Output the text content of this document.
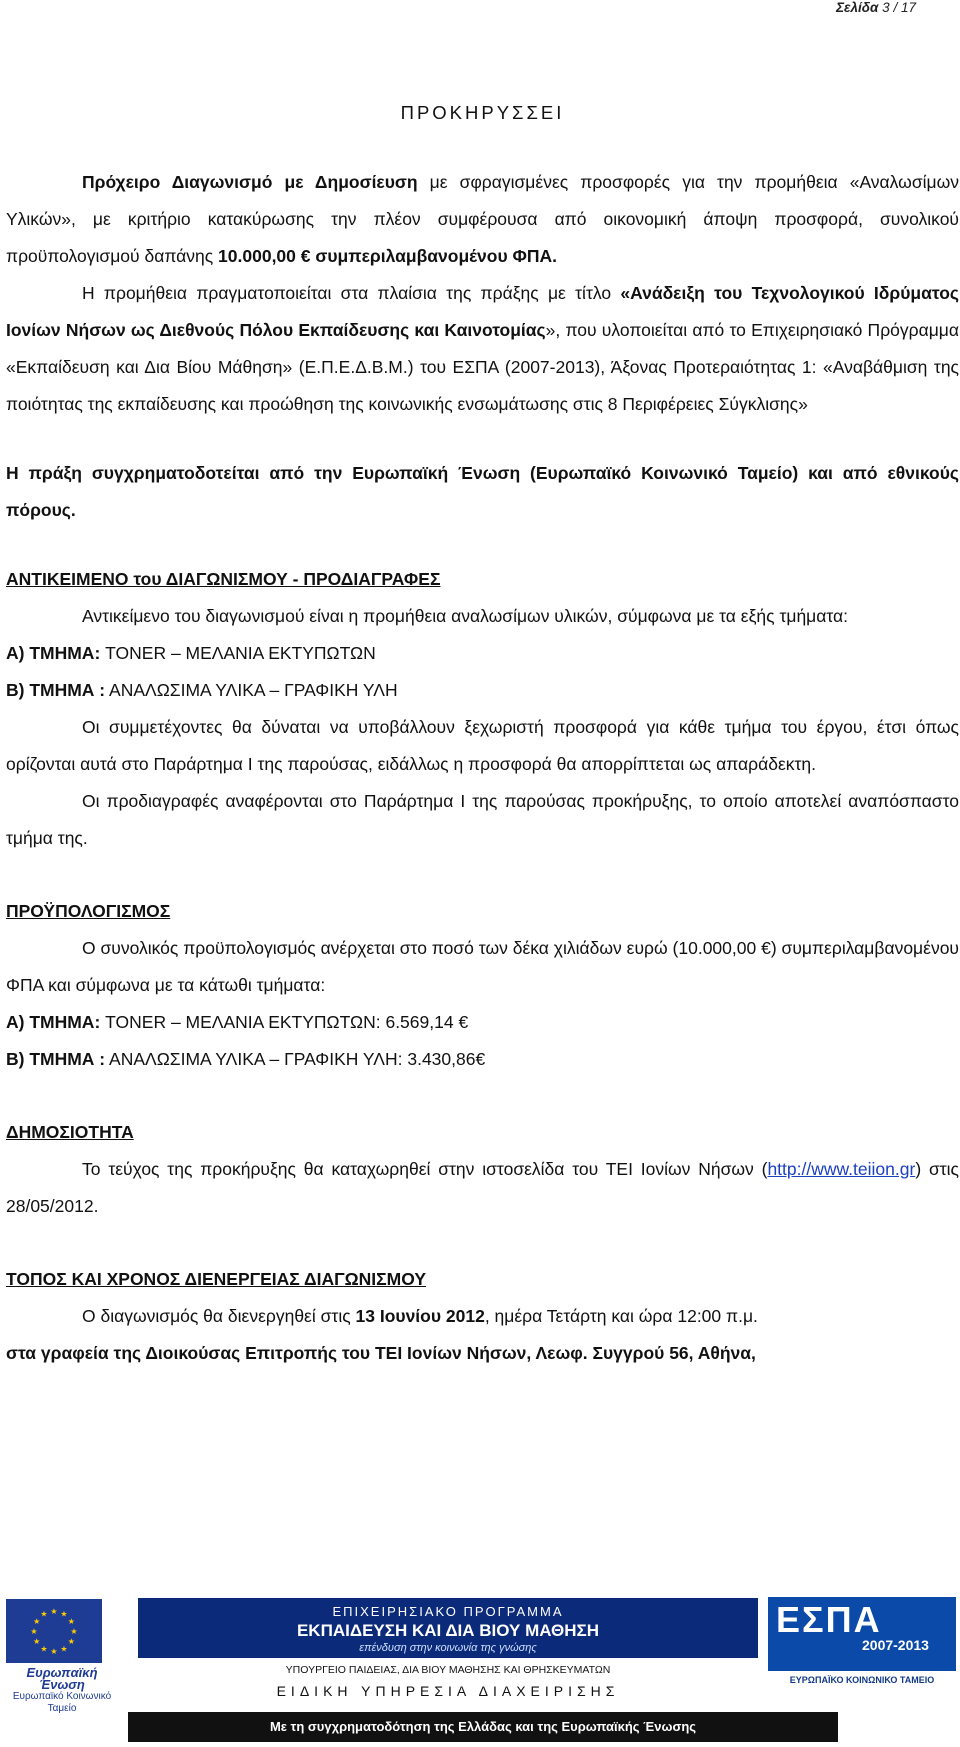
Σελίδα 3 / 17

ΠΡΟΚΗΡΥΣΣΕΙ

Πρόχειρο Διαγωνισμό με Δημοσίευση με σφραγισμένες προσφορές για την προμήθεια «Αναλωσίμων Υλικών», με κριτήριο κατακύρωσης την πλέον συμφέρουσα από οικονομική άποψη προσφορά, συνολικού προϋπολογισμού δαπάνης 10.000,00 € συμπεριλαμβανομένου ΦΠΑ.

Η προμήθεια πραγματοποιείται στα πλαίσια της πράξης με τίτλο «Ανάδειξη του Τεχνολογικού Ιδρύματος Ιονίων Νήσων ως Διεθνούς Πόλου Εκπαίδευσης και Καινοτομίας», που υλοποιείται από το Επιχειρησιακό Πρόγραμμα «Εκπαίδευση και Δια Βίου Μάθηση» (Ε.Π.Ε.Δ.Β.Μ.) του ΕΣΠΑ (2007-2013), Άξονας Προτεραιότητας 1: «Αναβάθμιση της ποιότητας της εκπαίδευσης και προώθηση της κοινωνικής ενσωμάτωσης στις 8 Περιφέρειες Σύγκλισης»

Η πράξη συγχρηματοδοτείται από την Ευρωπαϊκή Ένωση (Ευρωπαϊκό Κοινωνικό Ταμείο) και από εθνικούς πόρους.

ΑΝΤΙΚΕΙΜΕΝΟ του ΔΙΑΓΩΝΙΣΜΟΥ - ΠΡΟΔΙΑΓΡΑΦΕΣ

Αντικείμενο του διαγωνισμού είναι η προμήθεια αναλωσίμων υλικών, σύμφωνα με τα εξής τμήματα:

Α) ΤΜΗΜΑ: TONER – ΜΕΛΑΝΙΑ ΕΚΤΥΠΩΤΩΝ

Β) ΤΜΗΜΑ : ΑΝΑΛΩΣΙΜΑ ΥΛΙΚΑ – ΓΡΑΦΙΚΗ ΥΛΗ

Οι συμμετέχοντες θα δύναται να υποβάλλουν ξεχωριστή προσφορά για κάθε τμήμα του έργου, έτσι όπως ορίζονται αυτά στο Παράρτημα Ι της παρούσας, ειδάλλως η προσφορά θα απορρίπτεται ως απαράδεκτη.

Οι προδιαγραφές αναφέρονται στο Παράρτημα Ι της παρούσας προκήρυξης, το οποίο αποτελεί αναπόσπαστο τμήμα της.

ΠΡΟΫΠΟΛΟΓΙΣΜΟΣ

Ο συνολικός προϋπολογισμός ανέρχεται στο ποσό των δέκα χιλιάδων ευρώ (10.000,00 €) συμπεριλαμβανομένου ΦΠΑ και σύμφωνα με τα κάτωθι τμήματα:

Α) ΤΜΗΜΑ: TONER – ΜΕΛΑΝΙΑ ΕΚΤΥΠΩΤΩΝ: 6.569,14 €

Β) ΤΜΗΜΑ : ΑΝΑΛΩΣΙΜΑ ΥΛΙΚΑ – ΓΡΑΦΙΚΗ ΥΛΗ: 3.430,86€

ΔΗΜΟΣΙΟΤΗΤΑ

Το τεύχος της προκήρυξης θα καταχωρηθεί στην ιστοσελίδα του ΤΕΙ Ιονίων Νήσων (http://www.teiion.gr) στις 28/05/2012.

ΤΟΠΟΣ ΚΑΙ ΧΡΟΝΟΣ ΔΙΕΝΕΡΓΕΙΑΣ ΔΙΑΓΩΝΙΣΜΟΥ

Ο διαγωνισμός θα διενεργηθεί στις 13 Ιουνίου 2012, ημέρα Τετάρτη και ώρα 12:00 π.μ.

στα γραφεία της Διοικούσας Επιτροπής του ΤΕΙ Ιονίων Νήσων, Λεωφ. Συγγρού 56, Αθήνα,

★ ★
★
★
★
★
★
★
★
★
★
★
Ευρωπαϊκή Ένωση
Ευρωπαϊκό Κοινωνικό Ταμείο
ΕΠΙΧΕΙΡΗΣΙΑΚΟ ΠΡΟΓΡΑΜΜΑ
ΕΚΠΑΙΔΕΥΣΗ ΚΑΙ ΔΙΑ ΒΙΟΥ ΜΑΘΗΣΗ
επένδυση στην κοινωνία της γνώσης
ΕΣΠΑ
2007-2013
ΕΥΡΩΠΑΪΚΟ ΚΟΙΝΩΝΙΚΟ ΤΑΜΕΙΟ
ΥΠΟΥΡΓΕΙΟ ΠΑΙΔΕΙΑΣ, ΔΙΑ ΒΙΟΥ ΜΑΘΗΣΗΣ ΚΑΙ ΘΡΗΣΚΕΥΜΑΤΩΝ
ΕΙΔΙΚΗ ΥΠΗΡΕΣΙΑ ΔΙΑΧΕΙΡΙΣΗΣ
Με τη συγχρηματοδότηση της Ελλάδας και της Ευρωπαϊκής Ένωσης
